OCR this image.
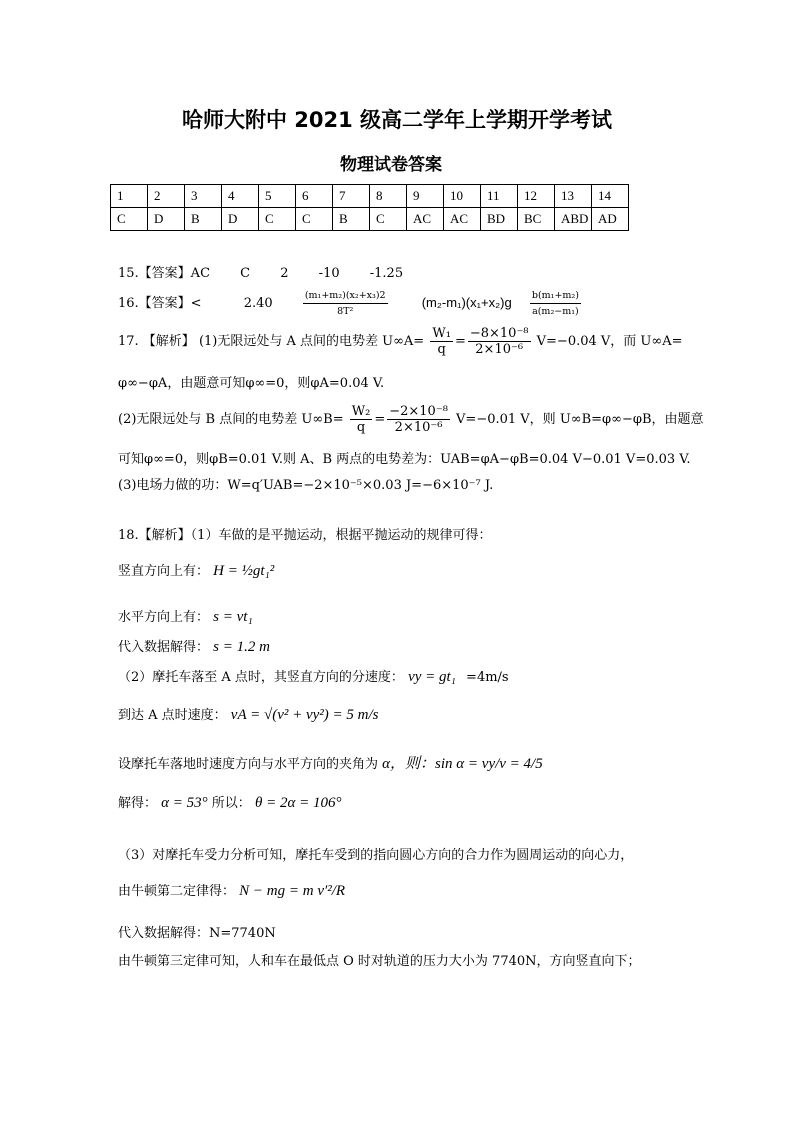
哈师大附中 2021 级高二学年上学期开学考试
物理试卷答案
1	2	3	4	5	6	7	8	9	10	11	12	13	14
C	D	B	D	C	C	B	C	AC	AC	BD	BC	ABD	AD
15.【答案】AC C 2 -10 -1.25
16.【答案】<	2.40	$\frac{\text{(m₁+m₂)(x₂+x₃)2}}{\text{8T²}}$	$(m_2-m_1)(x_1+x_2)g \frac{\text{b(m₁+m₂)}}{\text{a(m₂−m₁)}}$
17. 【解析】 (1)无限远处与 A 点间的电势差 $U\infty A= \frac{\text{W₁}}{q} = \frac{\text{−8×10⁻⁸}}{\text{2×10⁻⁶}} V=-0.04$ V，而 U∞A=
φ∞−φA，由题意可知φ∞=0，则φA=0.04 V.
(2)无限远处与 B 点间的电势差 $U\infty B= \frac{\text{W₂}}{q} = \frac{\text{−2×10⁻⁸}}{\text{2×10⁻⁶}} V=-0.01$ V，则 U∞B=φ∞−φB，由题意
可知φ∞=0，则φB=0.01 V.则 A、B 两点的电势差为：UAB=φA−φB=0.04 V−0.01 V=0.03 V.
(3)电场力做的功：W=q′UAB=−2×10⁻⁵×0.03 J=−6×10⁻⁷ J.
18.【解析】（1）车做的是平抛运动，根据平抛运动的规律可得：
竖直方向上有： H = ½gt₁²
水平方向上有： s = vt₁
代入数据解得： s = 1.2 m
（2）摩托车落至 A 点时，其竖直方向的分速度： vy = gt₁ =4m/s
到达 A 点时速度： vA = √(v² + vy²) = 5 m/s
设摩托车落地时速度方向与水平方向的夹角为 α，则：sin α = vy/v = 4/5
解得： α = 53° 所以： θ = 2α = 106°
（3）对摩托车受力分析可知，摩托车受到的指向圆心方向的合力作为圆周运动的向心力，
由牛顿第二定律得： N − mg = m v′²/R
代入数据解得：N=7740N
由牛顿第三定律可知，人和车在最低点 O 时对轨道的压力大小为 7740N，方向竖直向下；
